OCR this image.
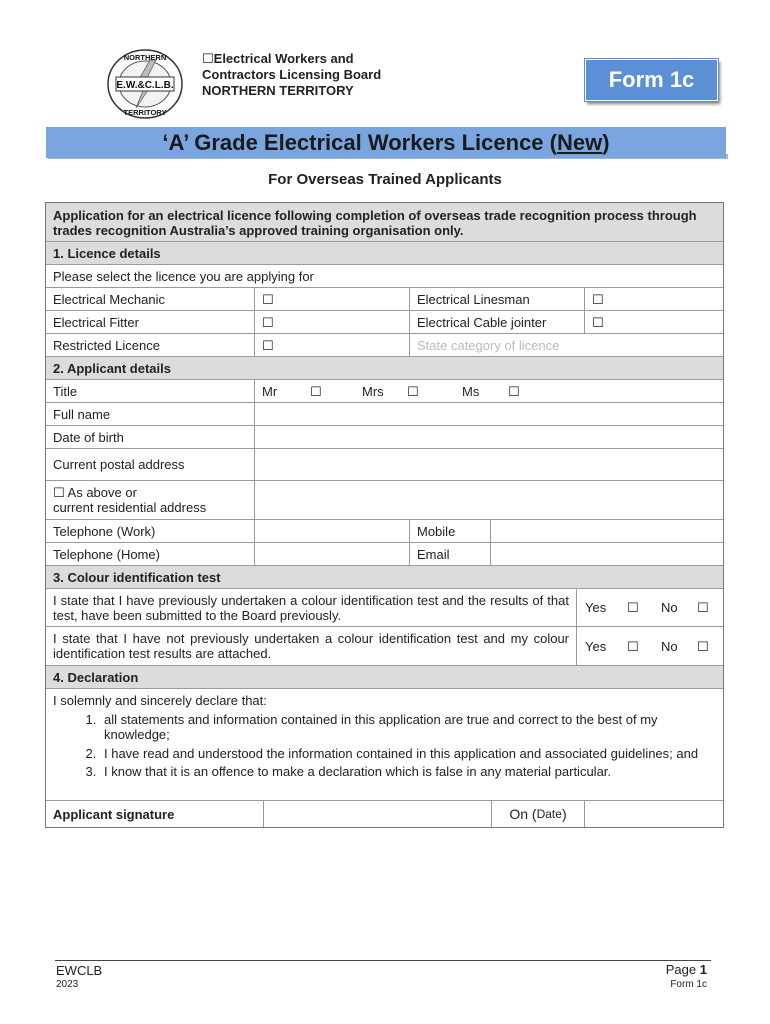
E.W.&C.L.B.
NORTHERN
TERRITORY
☐Electrical Workers and
Contractors Licensing Board
NORTHERN TERRITORY	Form 1c
‘A’ Grade Electrical Workers Licence (New)
For Overseas Trained Applicants
Application for an electrical licence following completion of overseas trade recognition process through trades recognition Australia’s approved training organisation only.
1. Licence details
Please select the licence you are applying for
Electrical Mechanic	☐	Electrical Linesman	☐
Electrical Fitter	☐	Electrical Cable jointer	☐
Restricted Licence	☐	State category of licence
2. Applicant details
Title	Mr	☐	Mrs	☐	Ms	☐
Full name
Date of birth
Current postal address
☐ As above or
current residential address
Telephone (Work)	Mobile
Telephone (Home)	Email
3. Colour identification test
I state that I have previously undertaken a colour identification test and the results of that test, have been submitted to the Board previously.	Yes	☐	No	☐
I state that I have not previously undertaken a colour identification test and my colour identification test results are attached.	Yes	☐	No	☐
4. Declaration
I solemnly and sincerely declare that:
1. all statements and information contained in this application are true and correct to the best of my knowledge;
2. I have read and understood the information contained in this application and associated guidelines; and
3. I know that it is an offence to make a declaration which is false in any material particular.
Applicant signature	On ( Date )
EWCLB
2023
Page 1
Form 1c
